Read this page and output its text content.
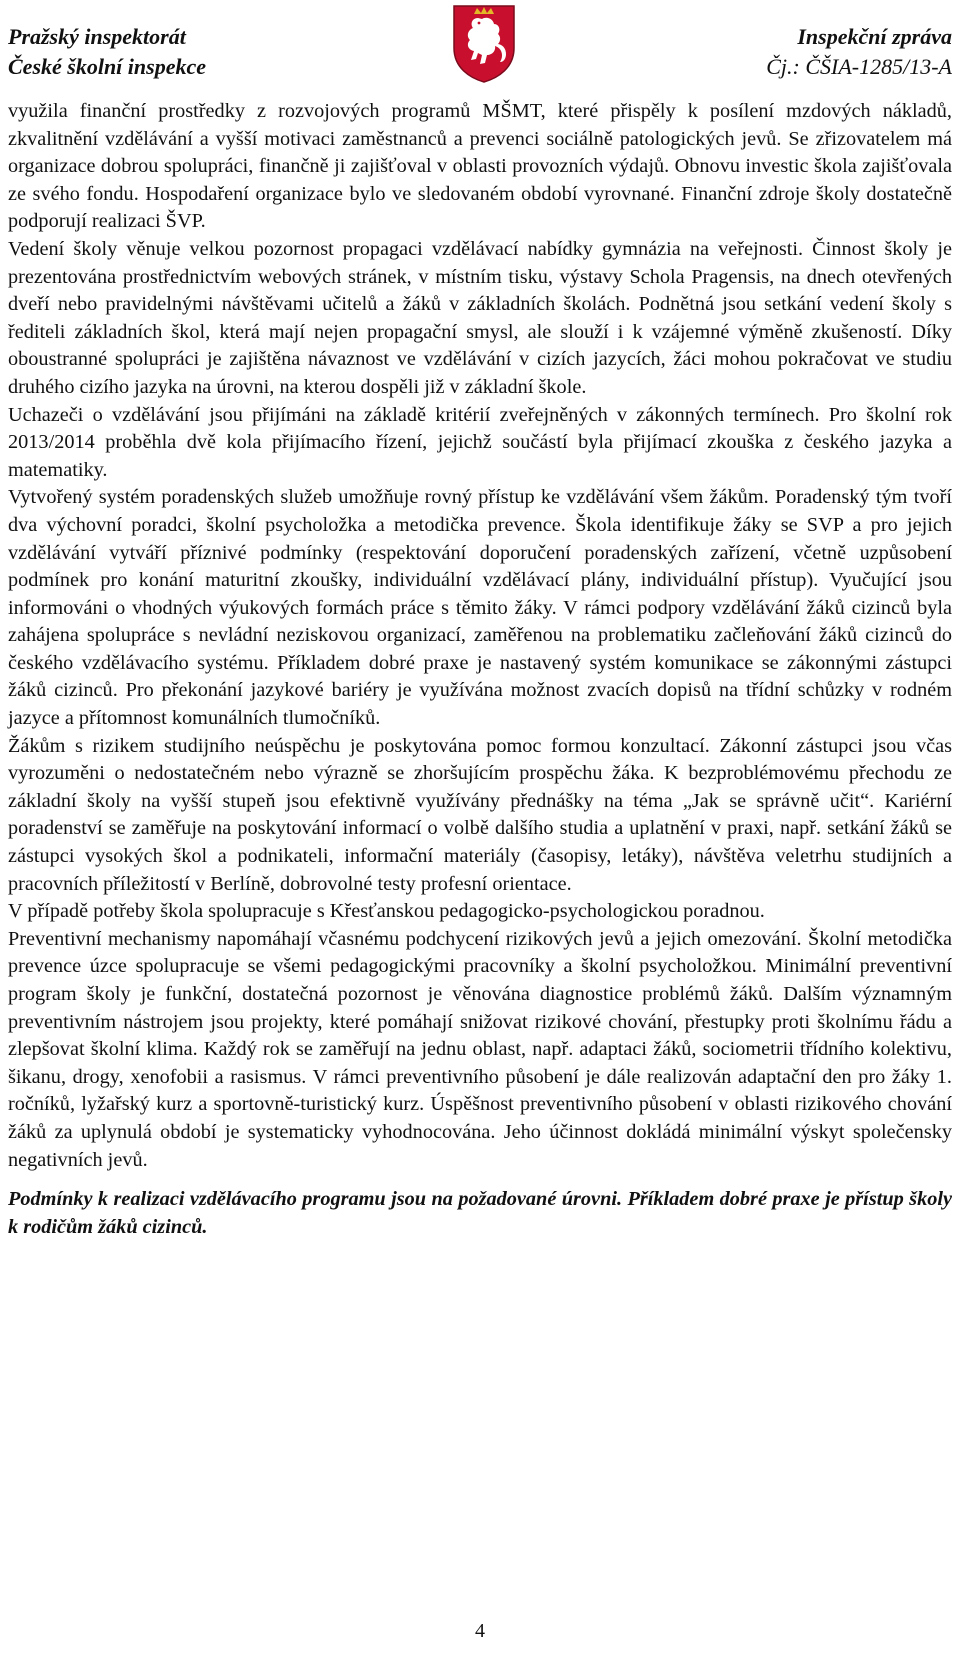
Pražský inspektorát
České školní inspekce
Inspekční zpráva
Čj.: ČŠIA-1285/13-A

využila finanční prostředky z rozvojových programů MŠMT, které přispěly k posílení mzdových nákladů, zkvalitnění vzdělávání a vyšší motivaci zaměstnanců a prevenci sociálně patologických jevů. Se zřizovatelem má organizace dobrou spolupráci, finančně ji zajišťoval v oblasti provozních výdajů. Obnovu investic škola zajišťovala ze svého fondu. Hospodaření organizace bylo ve sledovaném období vyrovnané. Finanční zdroje školy dostatečně podporují realizaci ŠVP.

Vedení školy věnuje velkou pozornost propagaci vzdělávací nabídky gymnázia na veřejnosti. Činnost školy je prezentována prostřednictvím webových stránek, v místním tisku, výstavy Schola Pragensis, na dnech otevřených dveří nebo pravidelnými návštěvami učitelů a žáků v základních školách. Podnětná jsou setkání vedení školy s řediteli základních škol, která mají nejen propagační smysl, ale slouží i k vzájemné výměně zkušeností. Díky oboustranné spolupráci je zajištěna návaznost ve vzdělávání v cizích jazycích, žáci mohou pokračovat ve studiu druhého cizího jazyka na úrovni, na kterou dospěli již v základní škole.

Uchazeči o vzdělávání jsou přijímáni na základě kritérií zveřejněných v zákonných termínech. Pro školní rok 2013/2014 proběhla dvě kola přijímacího řízení, jejichž součástí byla přijímací zkouška z českého jazyka a matematiky.

Vytvořený systém poradenských služeb umožňuje rovný přístup ke vzdělávání všem žákům. Poradenský tým tvoří dva výchovní poradci, školní psycholožka a metodička prevence. Škola identifikuje žáky se SVP a pro jejich vzdělávání vytváří příznivé podmínky (respektování doporučení poradenských zařízení, včetně uzpůsobení podmínek pro konání maturitní zkoušky, individuální vzdělávací plány, individuální přístup). Vyučující jsou informováni o vhodných výukových formách práce s těmito žáky. V rámci podpory vzdělávání žáků cizinců byla zahájena spolupráce s nevládní neziskovou organizací, zaměřenou na problematiku začleňování žáků cizinců do českého vzdělávacího systému. Příkladem dobré praxe je nastavený systém komunikace se zákonnými zástupci žáků cizinců. Pro překonání jazykové bariéry je využívána možnost zvacích dopisů na třídní schůzky v rodném jazyce a přítomnost komunálních tlumočníků.

Žákům s rizikem studijního neúspěchu je poskytována pomoc formou konzultací. Zákonní zástupci jsou včas vyrozuměni o nedostatečném nebo výrazně se zhoršujícím prospěchu žáka. K bezproblémovému přechodu ze základní školy na vyšší stupeň jsou efektivně využívány přednášky na téma „Jak se správně učit“. Kariérní poradenství se zaměřuje na poskytování informací o volbě dalšího studia a uplatnění v praxi, např. setkání žáků se zástupci vysokých škol a podnikateli, informační materiály (časopisy, letáky), návštěva veletrhu studijních a pracovních příležitostí v Berlíně, dobrovolné testy profesní orientace.

V případě potřeby škola spolupracuje s Křesťanskou pedagogicko-psychologickou poradnou.

Preventivní mechanismy napomáhají včasnému podchycení rizikových jevů a jejich omezování. Školní metodička prevence úzce spolupracuje se všemi pedagogickými pracovníky a školní psycholožkou. Minimální preventivní program školy je funkční, dostatečná pozornost je věnována diagnostice problémů žáků. Dalším významným preventivním nástrojem jsou projekty, které pomáhají snižovat rizikové chování, přestupky proti školnímu řádu a zlepšovat školní klima. Každý rok se zaměřují na jednu oblast, např. adaptaci žáků, sociometrii třídního kolektivu, šikanu, drogy, xenofobii a rasismus. V rámci preventivního působení je dále realizován adaptační den pro žáky 1. ročníků, lyžařský kurz a sportovně-turistický kurz. Úspěšnost preventivního působení v oblasti rizikového chování žáků za uplynulá období je systematicky vyhodnocována. Jeho účinnost dokládá minimální výskyt společensky negativních jevů.

Podmínky k realizaci vzdělávacího programu jsou na požadované úrovni. Příkladem dobré praxe je přístup školy k rodičům žáků cizinců.

4
